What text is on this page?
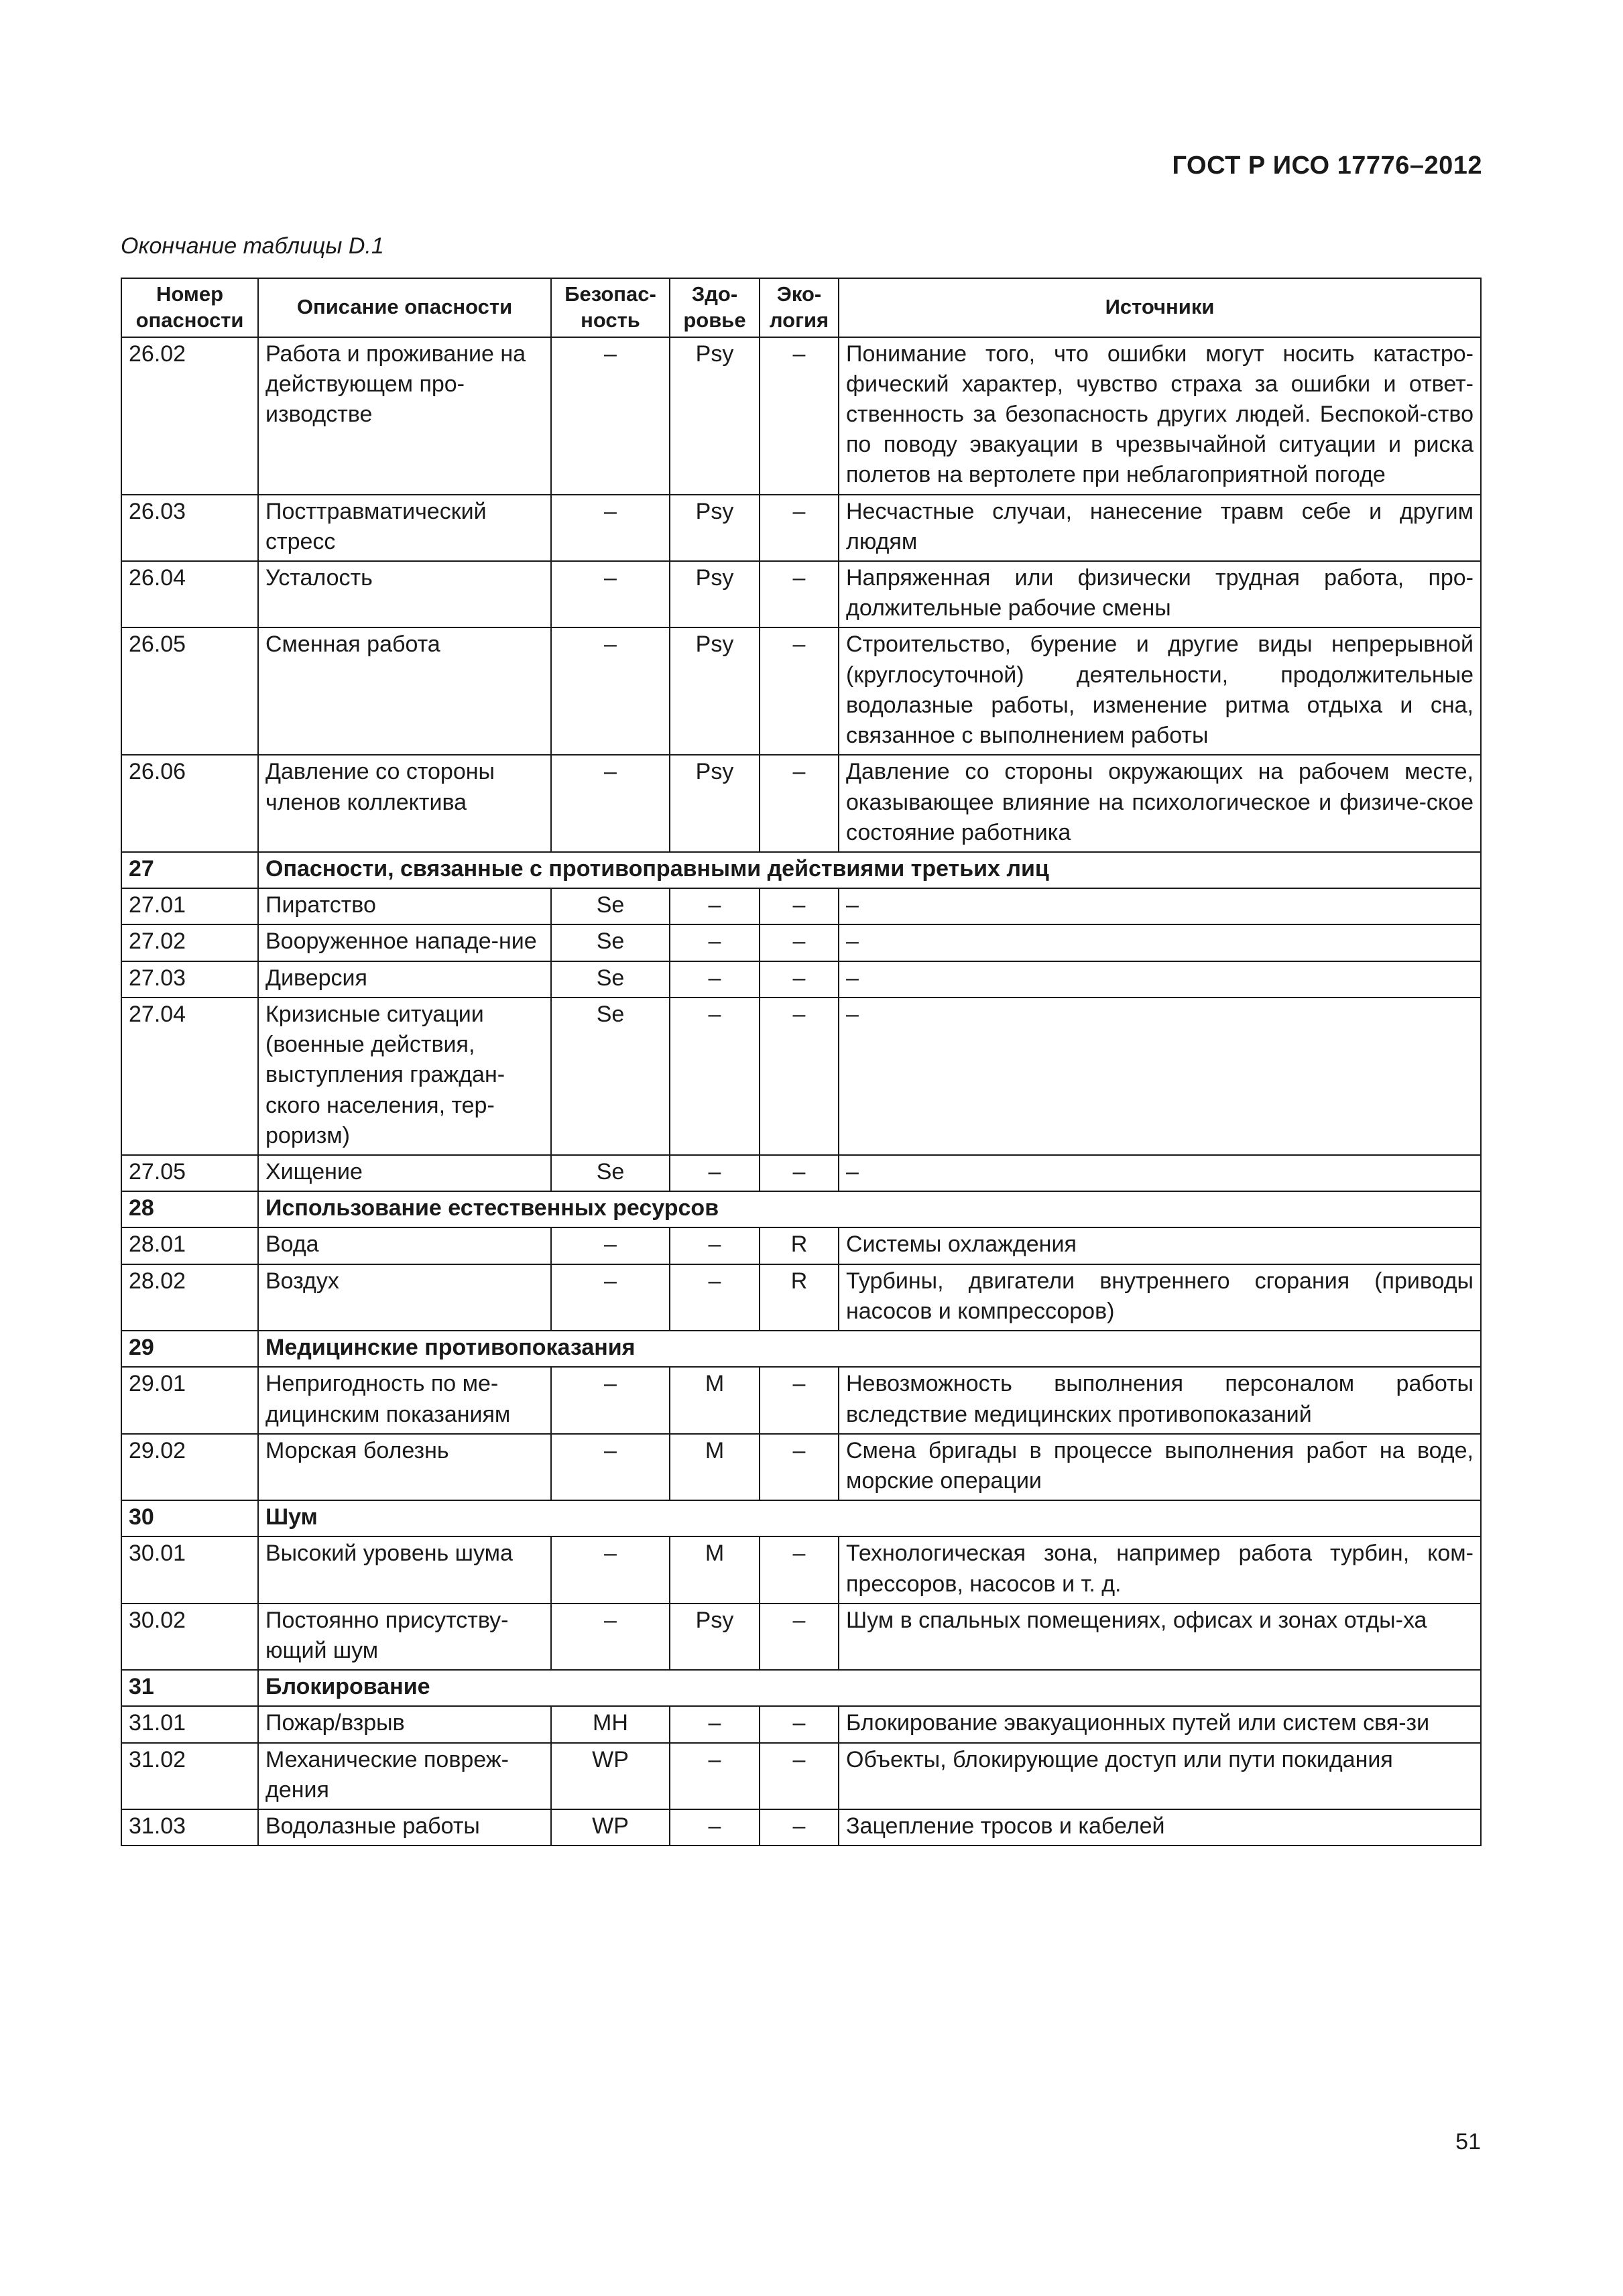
ГОСТ Р ИСО 17776–2012
Окончание таблицы D.1
Номер опасности	Описание опасности	Безопас-ность	Здо-ровье	Эко-логия	Источники
26.02	Работа и проживание на действующем про-изводстве	–	Psy	–	Понимание того, что ошибки могут носить катастро-фический характер, чувство страха за ошибки и ответ-ственность за безопасность других людей. Беспокой-ство по поводу эвакуации в чрезвычайной ситуации и риска полетов на вертолете при неблагоприятной погоде
26.03	Посттравматический стресс	–	Psy	–	Несчастные случаи, нанесение травм себе и другим людям
26.04	Усталость	–	Psy	–	Напряженная или физически трудная работа, про-должительные рабочие смены
26.05	Сменная работа	–	Psy	–	Строительство, бурение и другие виды непрерывной (круглосуточной) деятельности, продолжительные водолазные работы, изменение ритма отдыха и сна, связанное с выполнением работы
26.06	Давление со стороны членов коллектива	–	Psy	–	Давление со стороны окружающих на рабочем месте, оказывающее влияние на психологическое и физиче-ское состояние работника
27	Опасности, связанные с противоправными действиями третьих лиц				
27.01	Пиратство	Se	–	–	–
27.02	Вооруженное нападе-ние	Se	–	–	–
27.03	Диверсия	Se	–	–	–
27.04	Кризисные ситуации (военные действия, выступления граждан-ского населения, тер-роризм)	Se	–	–	–
27.05	Хищение	Se	–	–	–
28	Использование естественных ресурсов				
28.01	Вода	–	–	R	Системы охлаждения
28.02	Воздух	–	–	R	Турбины, двигатели внутреннего сгорания (приводы насосов и компрессоров)
29	Медицинские противопоказания				
29.01	Непригодность по ме-дицинским показаниям	–	M	–	Невозможность выполнения персоналом работы вследствие медицинских противопоказаний
29.02	Морская болезнь	–	M	–	Смена бригады в процессе выполнения работ на воде, морские операции
30	Шум				
30.01	Высокий уровень шума	–	M	–	Технологическая зона, например работа турбин, ком-прессоров, насосов и т. д.
30.02	Постоянно присутству-ющий шум	–	Psy	–	Шум в спальных помещениях, офисах и зонах отды-ха
31	Блокирование				
31.01	Пожар/взрыв	MH	–	–	Блокирование эвакуационных путей или систем свя-зи
31.02	Механические повреж-дения	WP	–	–	Объекты, блокирующие доступ или пути покидания
31.03	Водолазные работы	WP	–	–	Зацепление тросов и кабелей
51
